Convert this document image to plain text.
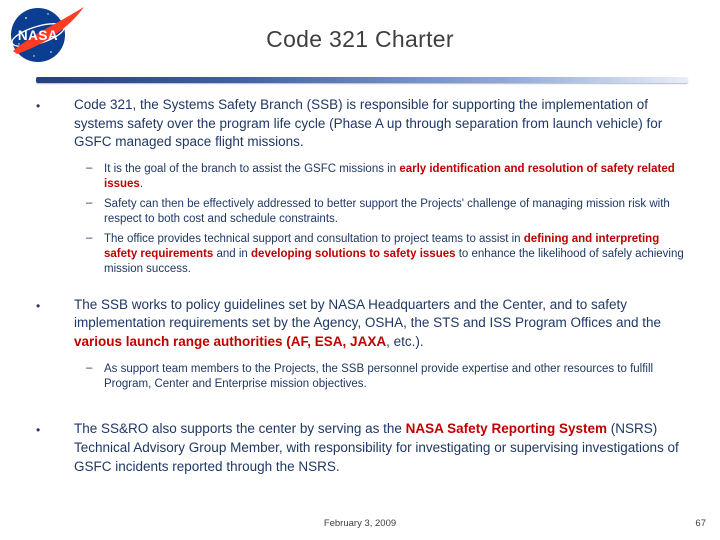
NASA	Code 321 Charter
•	Code 321, the Systems Safety Branch (SSB) is responsible for supporting the implementation of systems safety over the program life cycle (Phase A up through separation from launch vehicle) for GSFC managed space flight missions.
–	It is the goal of the branch to assist the GSFC missions in early identification and resolution of safety related issues.
–	Safety can then be effectively addressed to better support the Projects' challenge of managing mission risk with respect to both cost and schedule constraints.
–	The office provides technical support and consultation to project teams to assist in defining and interpreting safety requirements and in developing solutions to safety issues to enhance the likelihood of safely achieving mission success.
•	The SSB works to policy guidelines set by NASA Headquarters and the Center, and to safety implementation requirements set by the Agency, OSHA, the STS and ISS Program Offices and the various launch range authorities (AF, ESA, JAXA, etc.).
–	As support team members to the Projects, the SSB personnel provide expertise and other resources to fulfill Program, Center and Enterprise mission objectives.
•	The SS&RO also supports the center by serving as the NASA Safety Reporting System (NSRS) Technical Advisory Group Member, with responsibility for investigating or supervising investigations of GSFC incidents reported through the NSRS.
February 3, 2009	67
